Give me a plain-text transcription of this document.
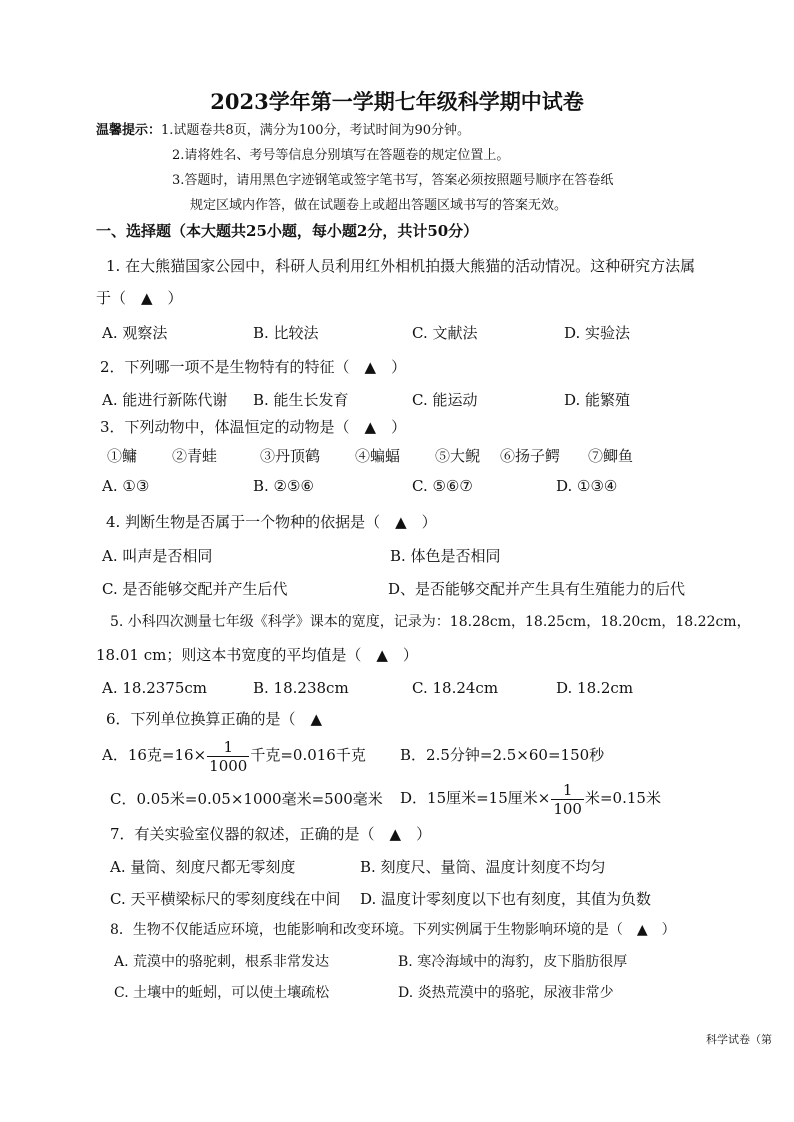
2023学年第一学期七年级科学期中试卷
温馨提示：1.试题卷共8页，满分为100分，考试时间为90分钟。
2.请将姓名、考号等信息分别填写在答题卷的规定位置上。
3.答题时，请用黑色字迹钢笔或签字笔书写，答案必须按照题号顺序在答卷纸
规定区域内作答，做在试题卷上或超出答题区域书写的答案无效。
一、选择题（本大题共25小题，每小题2分，共计50分）
1. 在大熊猫国家公园中，科研人员利用红外相机拍摄大熊猫的活动情况。这种研究方法属
于（　▲　）
A. 观察法	B. 比较法	C. 文献法	D. 实验法
2．下列哪一项不是生物特有的特征（　▲　）
A. 能进行新陈代谢 B. 能生长发育	C. 能运动	D. 能繁殖
3．下列动物中，体温恒定的动物是（　▲　）
①鳙 ②青蛙	③丹顶鹤 ④蝙蝠 ⑤大鲵 ⑥扬子鳄 ⑦鲫鱼
A. ①③	B. ②⑤⑥	C. ⑤⑥⑦	D. ①③④
4. 判断生物是否属于一个物种的依据是（　▲　）
A. 叫声是否相同	B. 体色是否相同
C. 是否能够交配并产生后代	D、是否能够交配并产生具有生殖能力的后代
5. 小科四次测量七年级《科学》课本的宽度，记录为：18.28cm，18.25cm，18.20cm，18.22cm，
18.01 cm；则这本书宽度的平均值是（　▲　）
A. 18.2375cm	B. 18.238cm	C. 18.24cm	D. 18.2cm
6．下列单位换算正确的是（　▲
A．16克$=16\times \frac{1}{1000}$ 千克=0.016千克 B．2.5分钟=2.5×60=150秒
C．0.05米=0.05×1000毫米=500毫米 D．15厘米=15厘米× $\frac{1}{100}$ 米=0.15米
7．有关实验室仪器的叙述，正确的是（　▲　）
A. 量筒、刻度尺都无零刻度	B. 刻度尺、量筒、温度计刻度不均匀
C. 天平横梁标尺的零刻度线在中间 D. 温度计零刻度以下也有刻度，其值为负数
8．生物不仅能适应环境，也能影响和改变环境。下列实例属于生物影响环境的是（　▲　）
A. 荒漠中的骆驼刺，根系非常发达	B. 寒冷海域中的海豹，皮下脂肪很厚
C. 土壤中的蚯蚓，可以使土壤疏松	D. 炎热荒漠中的骆驼，尿液非常少
科学试卷（第
